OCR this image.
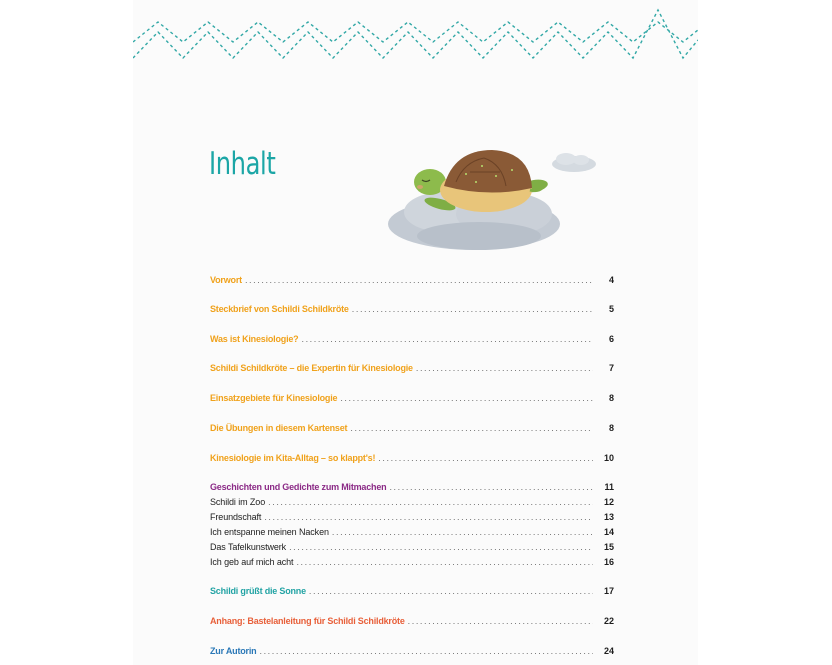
Inhalt
Vorwort .....	4
Steckbrief von Schildi Schildkröte .....	5
Was ist Kinesiologie? .....	6
Schildi Schildkröte – die Expertin für Kinesiologie .....	7
Einsatzgebiete für Kinesiologie .....	8
Die Übungen in diesem Kartenset .....	8
Kinesiologie im Kita-Alltag – so klappt's! .....	10
Geschichten und Gedichte zum Mitmachen .....	11
Schildi im Zoo .....	12
Freundschaft .....	13
Ich entspanne meinen Nacken .....	14
Das Tafelkunstwerk .....	15
Ich geb auf mich acht .....	16
Schildi grüßt die Sonne .....	17
Anhang: Bastelanleitung für Schildi Schildkröte .....	22
Zur Autorin .....	24
